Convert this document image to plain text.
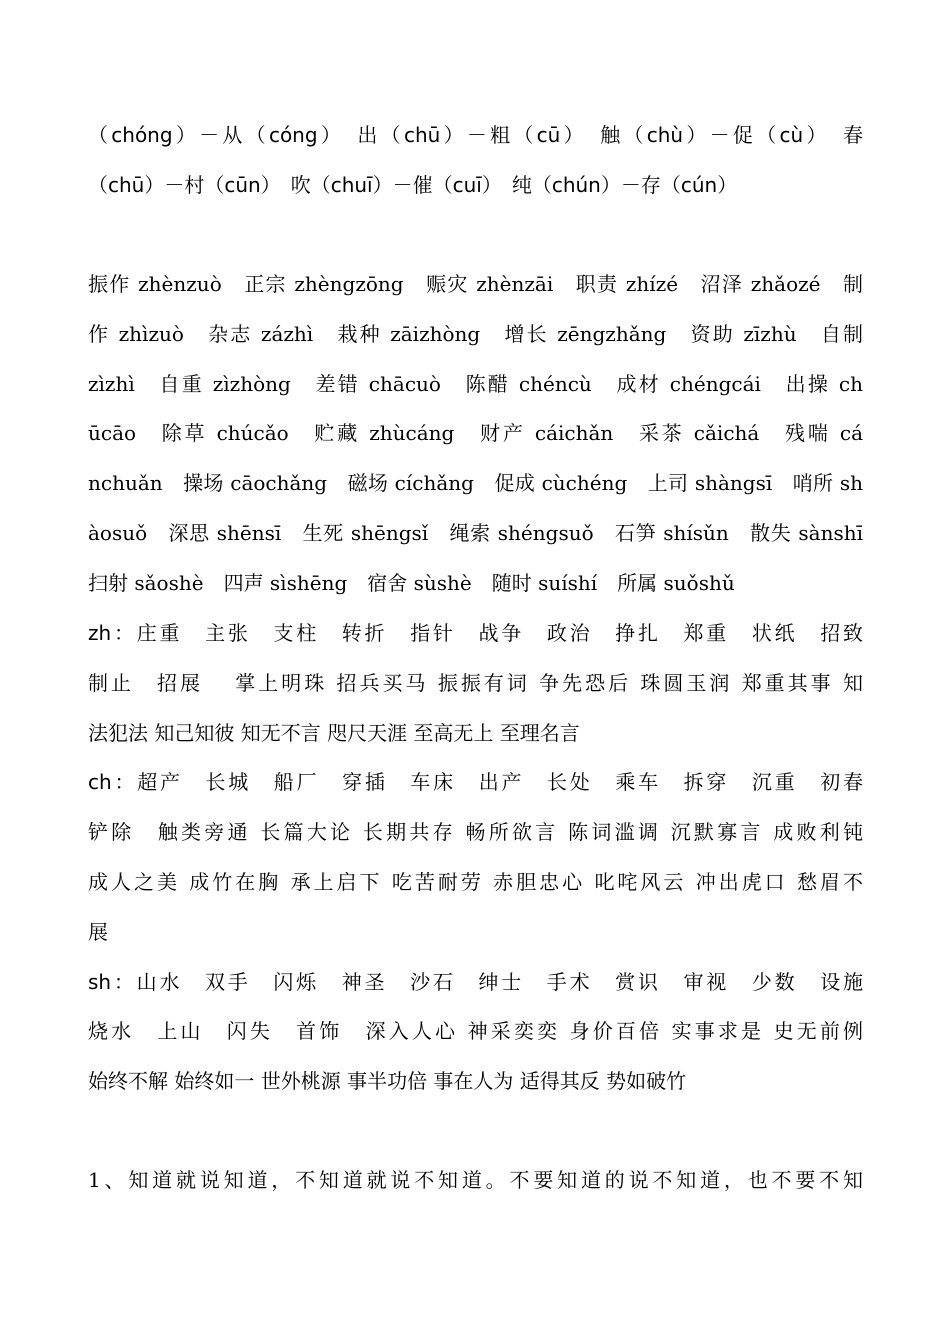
（chóng）－从（cóng）　出（chū）－粗（cū）　触（chù）－促（cù）　春
（chū）－村（cūn）　吹（chuī）－催（cuī）　纯（chún）－存（cún）
振作 zhènzuò　正宗 zhèngzōng　赈灾 zhènzāi　职责 zhízé　沼泽 zhǎozé　制
作 zhìzuò　杂志 zázhì　栽种 zāizhòng　增长 zēngzhǎng　资助 zīzhù　自制
zìzhì　自重 zìzhòng　差错 chācuò　陈醋 chéncù　成材 chéngcái　出操 ch
ūcāo　除草 chúcǎo　贮藏 zhùcáng　财产 cáichǎn　采茶 cǎichá　残喘 cá
nchuǎn　操场 cāochǎng　磁场 cíchǎng　促成 cùchéng　上司 shàngsī　哨所 sh
àosuǒ　深思 shēnsī　生死 shēngsǐ　绳索 shéngsuǒ　石笋 shísǔn　散失 sànshī
扫射 sǎoshè　四声 sìshēng　宿舍 sùshè　随时 suíshí　所属 suǒshǔ
zh：庄重　主张　支柱　转折　指针　战争　政治　挣扎　郑重　状纸　招致
制止　招展　 掌上明珠 招兵买马 振振有词 争先恐后 珠圆玉润 郑重其事 知
法犯法 知己知彼 知无不言 咫尺天涯 至高无上 至理名言
ch：超产　长城　船厂　穿插　车床　出产　长处　乘车　拆穿　沉重　初春
铲除　触类旁通 长篇大论 长期共存 畅所欲言 陈词滥调 沉默寡言 成败利钝
成人之美 成竹在胸 承上启下 吃苦耐劳 赤胆忠心 叱咤风云 冲出虎口 愁眉不
展
sh：山水　双手　闪烁　神圣　沙石　绅士　手术　赏识　审视　少数　设施
烧水　上山　闪失　首饰　深入人心 神采奕奕 身价百倍 实事求是 史无前例
始终不解 始终如一 世外桃源 事半功倍 事在人为 适得其反 势如破竹
1、知道就说知道，不知道就说不知道。不要知道的说不知道，也不要不知
